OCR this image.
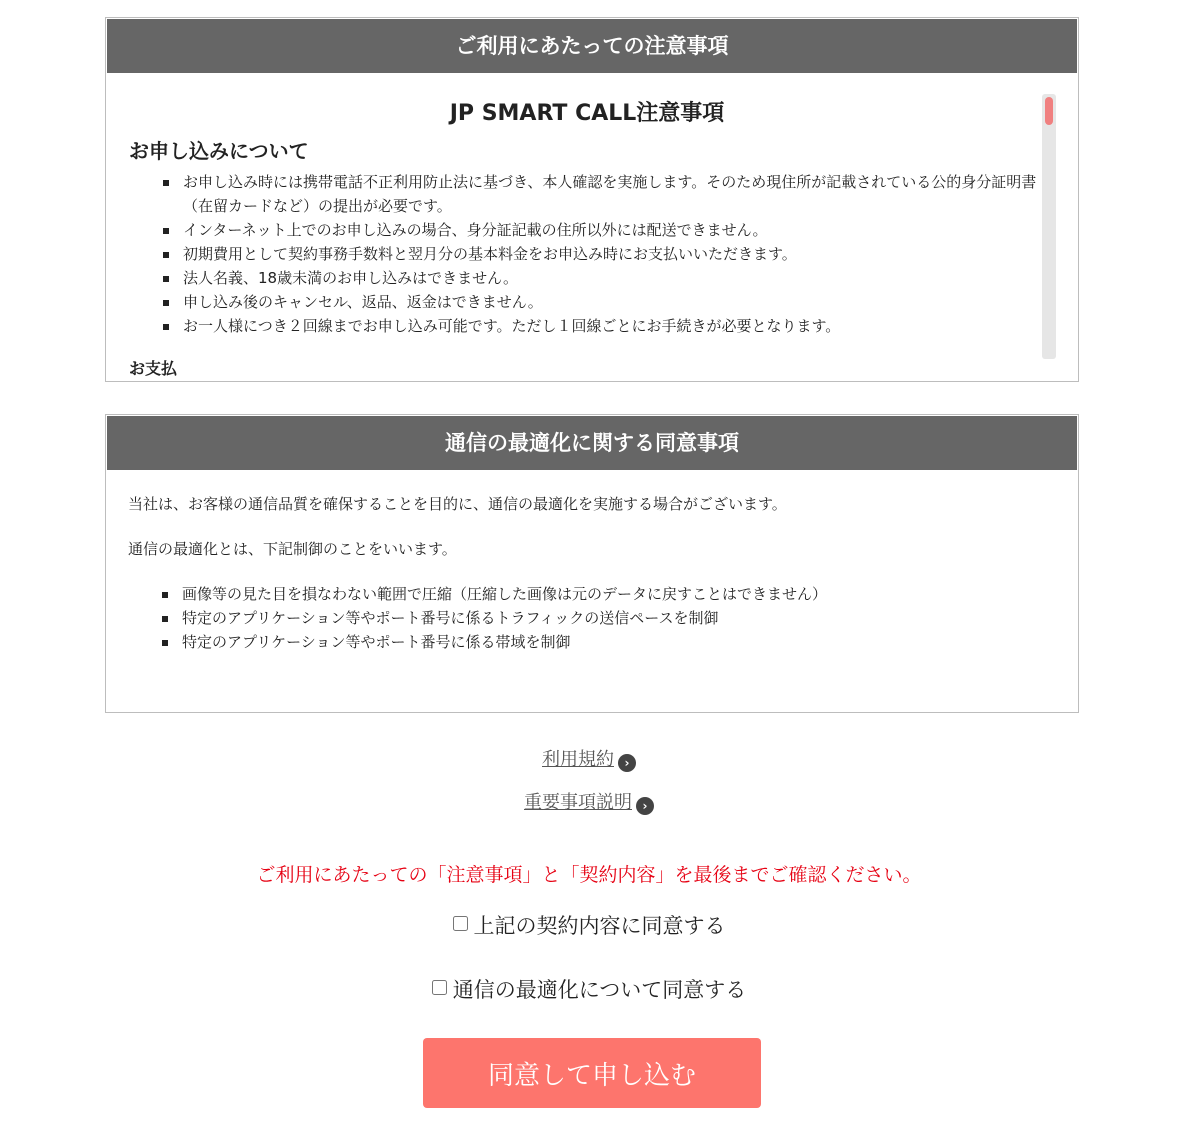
ご利用にあたっての注意事項
JP SMART CALL注意事項
お申し込みについて
お申し込み時には携帯電話不正利用防止法に基づき、本人確認を実施します。そのため現住所が記載されている公的身分証明書（在留カードなど）の提出が必要です。
インターネット上でのお申し込みの場合、身分証記載の住所以外には配送できません。
初期費用として契約事務手数料と翌月分の基本料金をお申込み時にお支払いいただきます。
法人名義、18歳未満のお申し込みはできません。
申し込み後のキャンセル、返品、返金はできません。
お一人様につき２回線までお申し込み可能です。ただし１回線ごとにお手続きが必要となります。
お支払
通信の最適化に関する同意事項

当社は、お客様の通信品質を確保することを目的に、通信の最適化を実施する場合がございます。

通信の最適化とは、下記制御のことをいいます。

画像等の見た目を損なわない範囲で圧縮（圧縮した画像は元のデータに戻すことはできません）
特定のアプリケーション等やポート番号に係るトラフィックの送信ペースを制御
特定のアプリケーション等やポート番号に係る帯域を制御
利用規約 ›
重要事項説明 ›
ご利用にあたっての「注意事項」と「契約内容」を最後までご確認ください。
上記の契約内容に同意する
通信の最適化について同意する
同意して申し込む
